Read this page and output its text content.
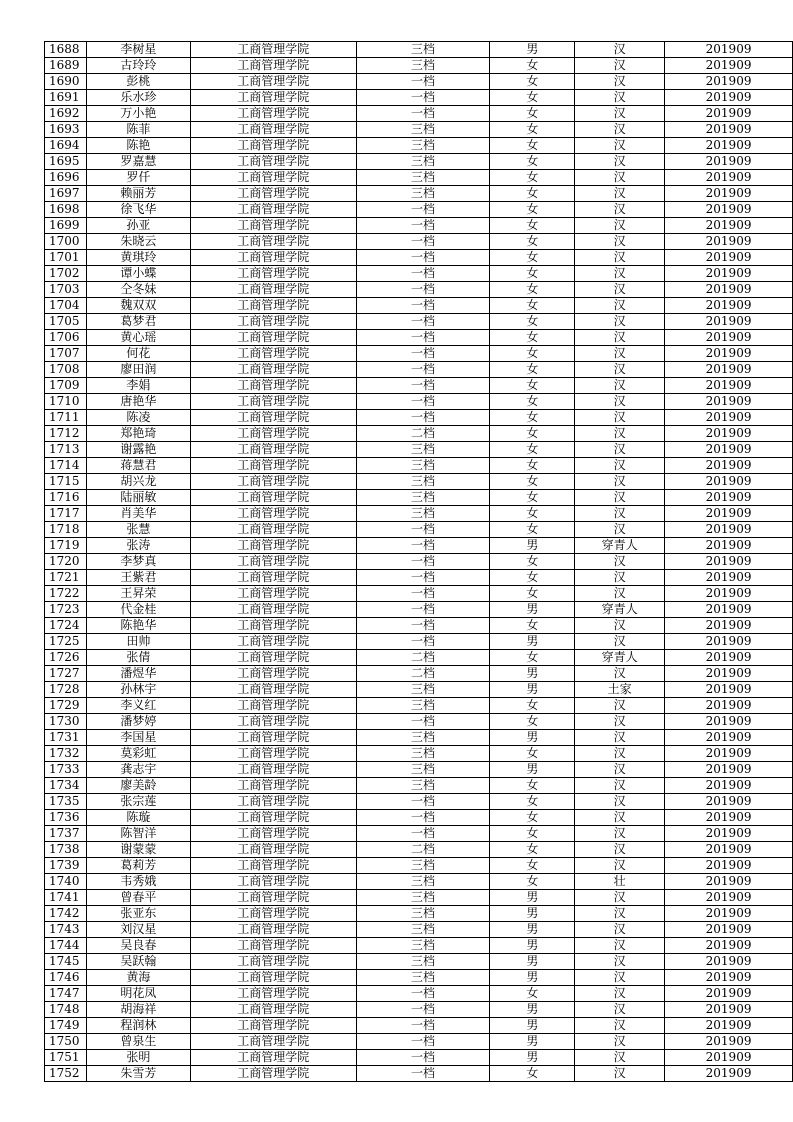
1688	李树星	工商管理学院	三档	男	汉	201909
1689	古玲玲	工商管理学院	三档	女	汉	201909
1690	彭桃	工商管理学院	一档	女	汉	201909
1691	乐水珍	工商管理学院	一档	女	汉	201909
1692	万小艳	工商管理学院	一档	女	汉	201909
1693	陈菲	工商管理学院	三档	女	汉	201909
1694	陈艳	工商管理学院	三档	女	汉	201909
1695	罗嘉慧	工商管理学院	三档	女	汉	201909
1696	罗仟	工商管理学院	三档	女	汉	201909
1697	赖丽芳	工商管理学院	三档	女	汉	201909
1698	徐飞华	工商管理学院	一档	女	汉	201909
1699	孙亚	工商管理学院	一档	女	汉	201909
1700	朱晓云	工商管理学院	一档	女	汉	201909
1701	黄琪玲	工商管理学院	一档	女	汉	201909
1702	谭小蝶	工商管理学院	一档	女	汉	201909
1703	仝冬妹	工商管理学院	一档	女	汉	201909
1704	魏双双	工商管理学院	一档	女	汉	201909
1705	葛梦君	工商管理学院	一档	女	汉	201909
1706	黄心瑶	工商管理学院	一档	女	汉	201909
1707	何花	工商管理学院	一档	女	汉	201909
1708	廖田润	工商管理学院	一档	女	汉	201909
1709	李娟	工商管理学院	一档	女	汉	201909
1710	唐艳华	工商管理学院	一档	女	汉	201909
1711	陈凌	工商管理学院	一档	女	汉	201909
1712	郑艳琦	工商管理学院	二档	女	汉	201909
1713	谢露艳	工商管理学院	三档	女	汉	201909
1714	蒋慧君	工商管理学院	三档	女	汉	201909
1715	胡兴龙	工商管理学院	三档	女	汉	201909
1716	陆丽敏	工商管理学院	三档	女	汉	201909
1717	肖美华	工商管理学院	三档	女	汉	201909
1718	张慧	工商管理学院	一档	女	汉	201909
1719	张涛	工商管理学院	一档	男	穿青人	201909
1720	李梦真	工商管理学院	一档	女	汉	201909
1721	王紫君	工商管理学院	一档	女	汉	201909
1722	王昇荣	工商管理学院	一档	女	汉	201909
1723	代金桂	工商管理学院	一档	男	穿青人	201909
1724	陈艳华	工商管理学院	一档	女	汉	201909
1725	田帅	工商管理学院	一档	男	汉	201909
1726	张倩	工商管理学院	二档	女	穿青人	201909
1727	潘煜华	工商管理学院	二档	男	汉	201909
1728	孙林宇	工商管理学院	三档	男	土家	201909
1729	李义红	工商管理学院	三档	女	汉	201909
1730	潘梦婷	工商管理学院	一档	女	汉	201909
1731	李国星	工商管理学院	三档	男	汉	201909
1732	莫彩虹	工商管理学院	三档	女	汉	201909
1733	龚志宇	工商管理学院	三档	男	汉	201909
1734	廖美龄	工商管理学院	三档	女	汉	201909
1735	张宗莲	工商管理学院	一档	女	汉	201909
1736	陈璇	工商管理学院	一档	女	汉	201909
1737	陈智洋	工商管理学院	一档	女	汉	201909
1738	谢蒙蒙	工商管理学院	二档	女	汉	201909
1739	葛莉芳	工商管理学院	三档	女	汉	201909
1740	韦秀娥	工商管理学院	三档	女	壮	201909
1741	曾春平	工商管理学院	三档	男	汉	201909
1742	张亚东	工商管理学院	三档	男	汉	201909
1743	刘汉星	工商管理学院	三档	男	汉	201909
1744	吴良春	工商管理学院	三档	男	汉	201909
1745	吴跃翰	工商管理学院	三档	男	汉	201909
1746	黄海	工商管理学院	三档	男	汉	201909
1747	明花凤	工商管理学院	一档	女	汉	201909
1748	胡海祥	工商管理学院	一档	男	汉	201909
1749	程润林	工商管理学院	一档	男	汉	201909
1750	曾泉生	工商管理学院	一档	男	汉	201909
1751	张明	工商管理学院	一档	男	汉	201909
1752	朱雪芳	工商管理学院	一档	女	汉	201909
